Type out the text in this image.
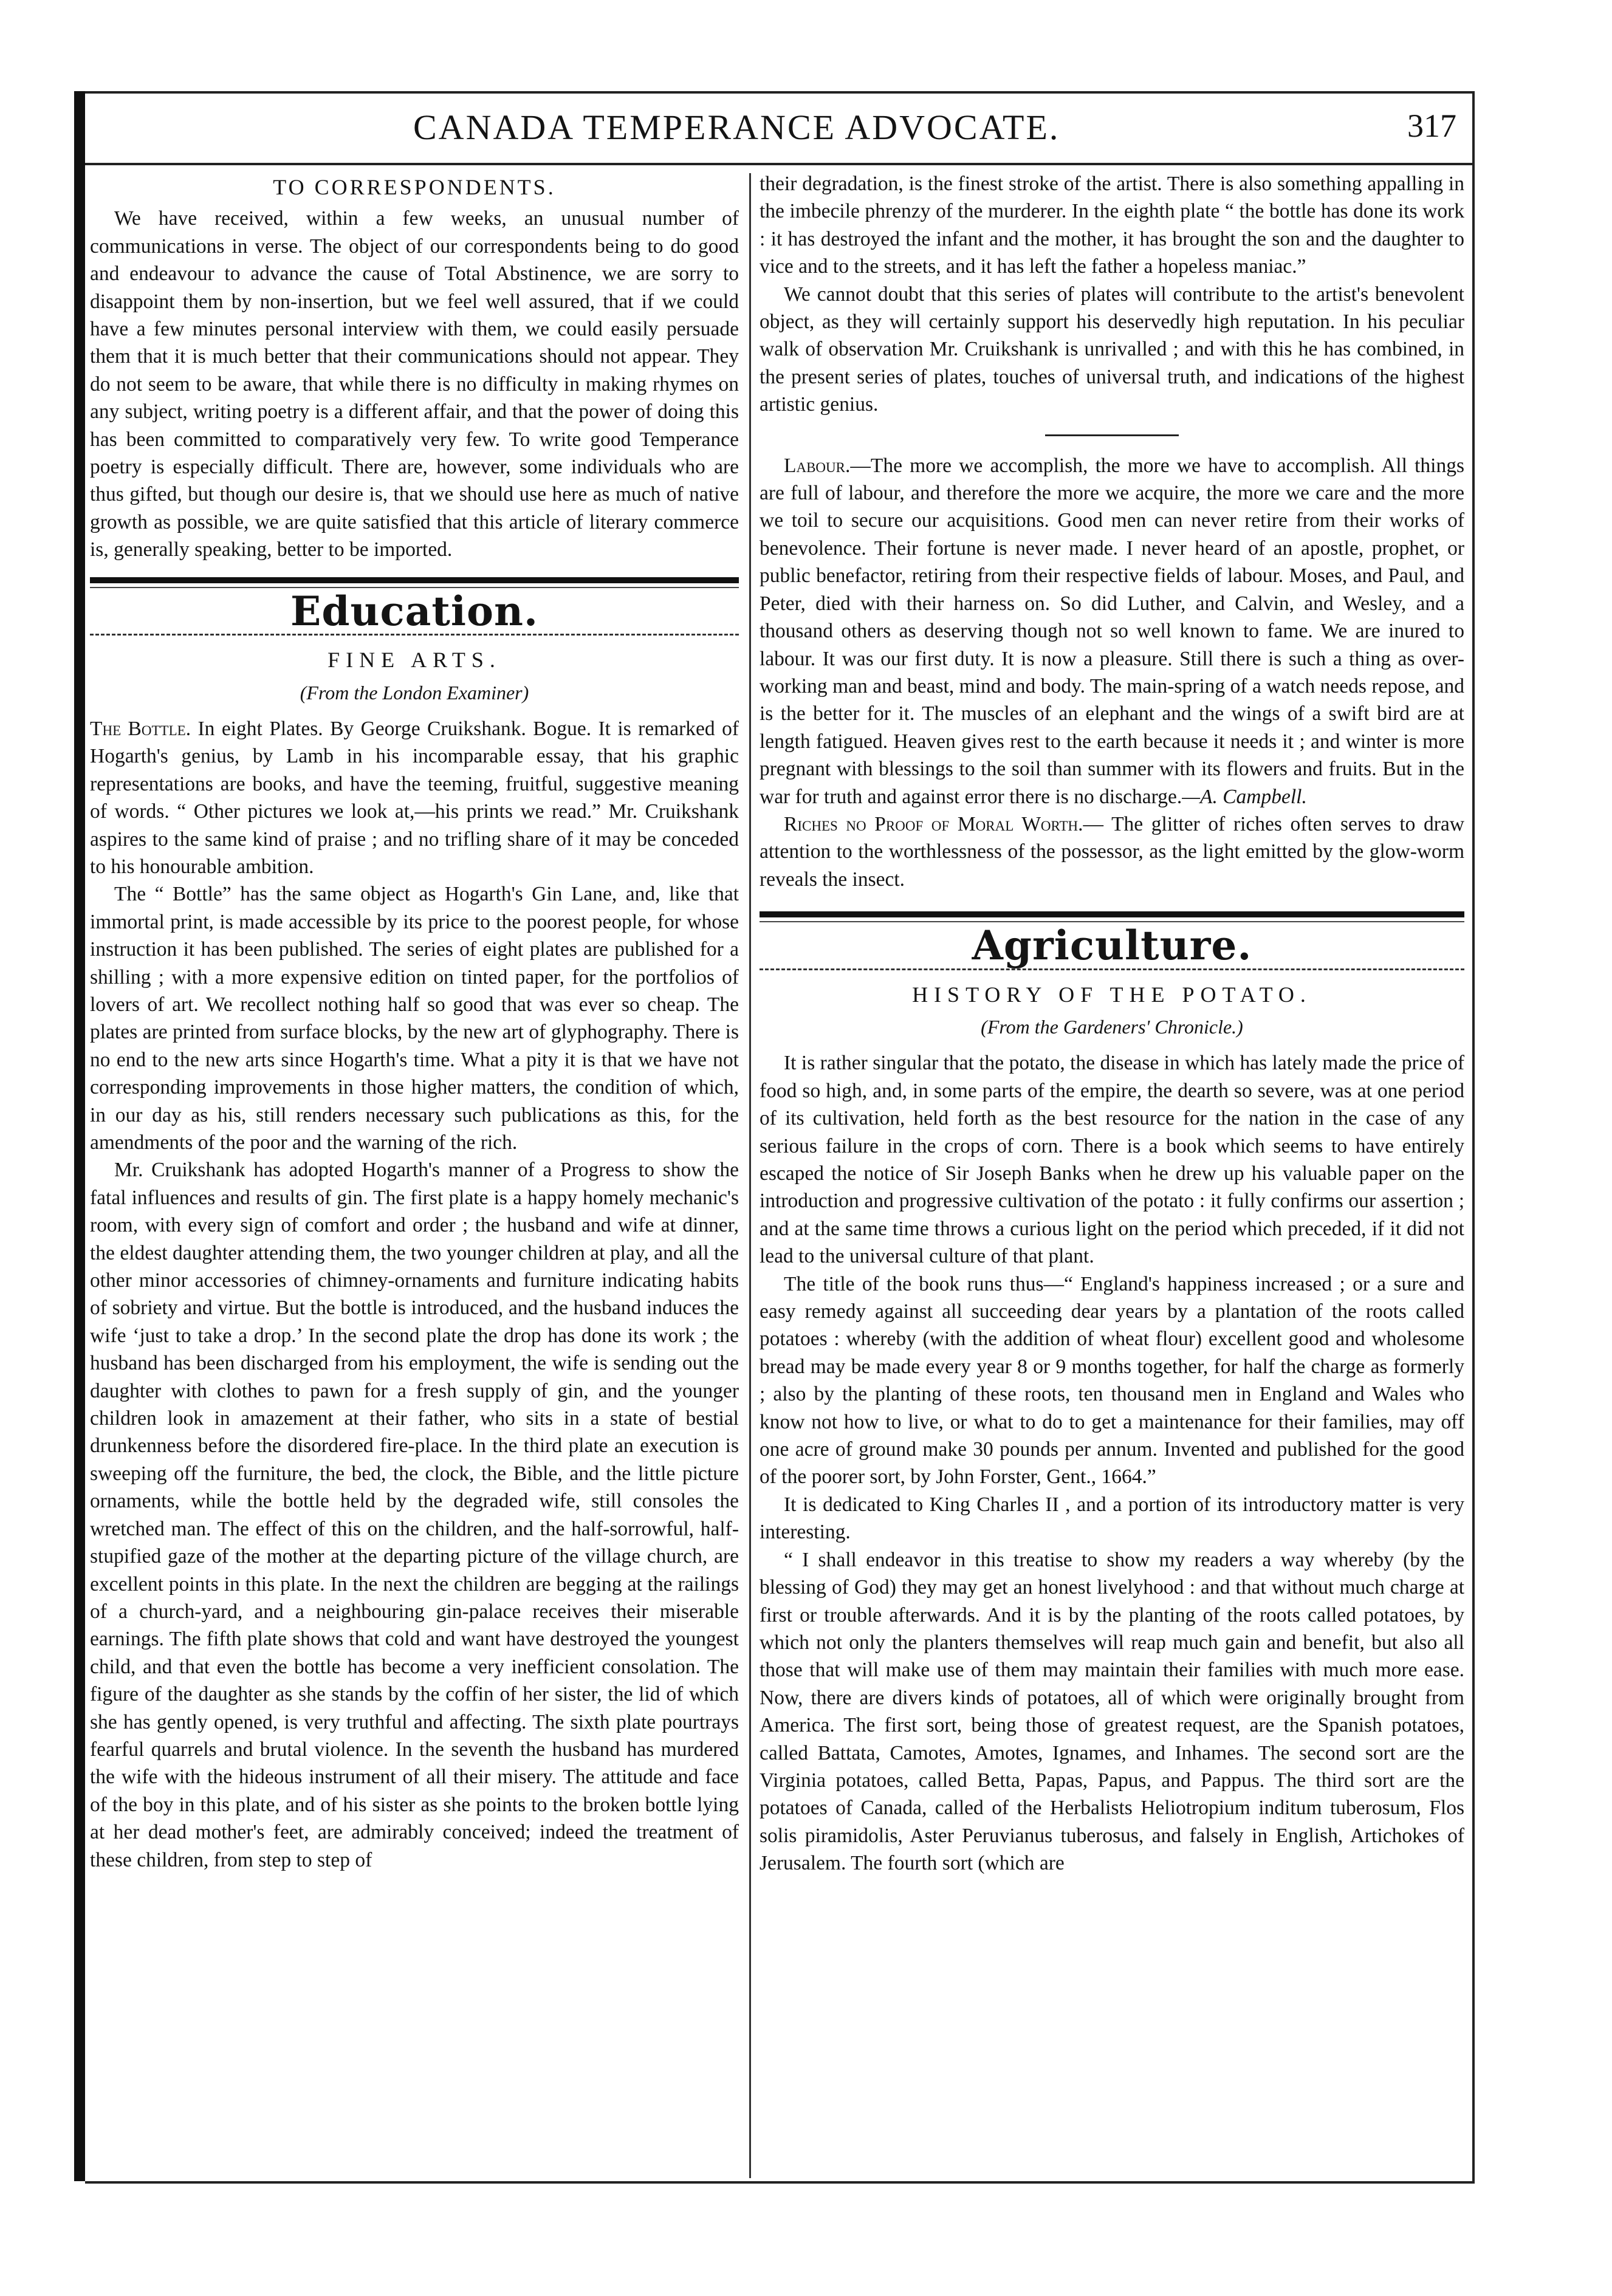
CANADA TEMPERANCE ADVOCATE.	317
TO CORRESPONDENTS.

We have received, within a few weeks, an unusual number of communications in verse. The object of our correspondents being to do good and endeavour to advance the cause of Total Abstinence, we are sorry to disappoint them by non-insertion, but we feel well assured, that if we could have a few minutes personal interview with them, we could easily persuade them that it is much better that their communications should not appear. They do not seem to be aware, that while there is no difficulty in making rhymes on any subject, writing poetry is a different affair, and that the power of doing this has been committed to comparatively very few. To write good Temperance poetry is especially difficult. There are, however, some individuals who are thus gifted, but though our desire is, that we should use here as much of native growth as possible, we are quite satisfied that this article of literary commerce is, generally speaking, better to be imported.

Education.
FINE ARTS.
(From the London Examiner)

The Bottle. In eight Plates. By George Cruikshank. Bogue. It is remarked of Hogarth's genius, by Lamb in his incomparable essay, that his graphic representations are books, and have the teeming, fruitful, suggestive meaning of words. “ Other pictures we look at,—his prints we read.” Mr. Cruikshank aspires to the same kind of praise ; and no trifling share of it may be conceded to his honourable ambition.

The “ Bottle” has the same object as Hogarth's Gin Lane, and, like that immortal print, is made accessible by its price to the poorest people, for whose instruction it has been published. The series of eight plates are published for a shilling ; with a more expensive edition on tinted paper, for the portfolios of lovers of art. We recollect nothing half so good that was ever so cheap. The plates are printed from surface blocks, by the new art of glyphography. There is no end to the new arts since Hogarth's time. What a pity it is that we have not corresponding improvements in those higher matters, the condition of which, in our day as his, still renders necessary such publications as this, for the amendments of the poor and the warning of the rich.

Mr. Cruikshank has adopted Hogarth's manner of a Progress to show the fatal influences and results of gin. The first plate is a happy homely mechanic's room, with every sign of comfort and order ; the husband and wife at dinner, the eldest daughter attending them, the two younger children at play, and all the other minor accessories of chimney-ornaments and furniture indicating habits of sobriety and virtue. But the bottle is introduced, and the husband induces the wife ‘just to take a drop.’ In the second plate the drop has done its work ; the husband has been discharged from his employment, the wife is sending out the daughter with clothes to pawn for a fresh supply of gin, and the younger children look in amazement at their father, who sits in a state of bestial drunkenness before the disordered fire-place. In the third plate an execution is sweeping off the furniture, the bed, the clock, the Bible, and the little picture ornaments, while the bottle held by the degraded wife, still consoles the wretched man. The effect of this on the children, and the half-sorrowful, half-stupified gaze of the mother at the departing picture of the village church, are excellent points in this plate. In the next the children are begging at the railings of a church-yard, and a neighbouring gin-palace receives their miserable earnings. The fifth plate shows that cold and want have destroyed the youngest child, and that even the bottle has become a very inefficient consolation. The figure of the daughter as she stands by the coffin of her sister, the lid of which she has gently opened, is very truthful and affecting. The sixth plate pourtrays fearful quarrels and brutal violence. In the seventh the husband has murdered the wife with the hideous instrument of all their misery. The attitude and face of the boy in this plate, and of his sister as she points to the broken bottle lying at her dead mother's feet, are admirably conceived; indeed the treatment of these children, from step to step of

their degradation, is the finest stroke of the artist. There is also something appalling in the imbecile phrenzy of the murderer. In the eighth plate “ the bottle has done its work : it has destroyed the infant and the mother, it has brought the son and the daughter to vice and to the streets, and it has left the father a hopeless maniac.”

We cannot doubt that this series of plates will contribute to the artist's benevolent object, as they will certainly support his deservedly high reputation. In his peculiar walk of observation Mr. Cruikshank is unrivalled ; and with this he has combined, in the present series of plates, touches of universal truth, and indications of the highest artistic genius.

Labour.—The more we accomplish, the more we have to accomplish. All things are full of labour, and therefore the more we acquire, the more we care and the more we toil to secure our acquisitions. Good men can never retire from their works of benevolence. Their fortune is never made. I never heard of an apostle, prophet, or public benefactor, retiring from their respective fields of labour. Moses, and Paul, and Peter, died with their harness on. So did Luther, and Calvin, and Wesley, and a thousand others as deserving though not so well known to fame. We are inured to labour. It was our first duty. It is now a pleasure. Still there is such a thing as over-working man and beast, mind and body. The main-spring of a watch needs repose, and is the better for it. The muscles of an elephant and the wings of a swift bird are at length fatigued. Heaven gives rest to the earth because it needs it ; and winter is more pregnant with blessings to the soil than summer with its flowers and fruits. But in the war for truth and against error there is no discharge.—A. Campbell.

Riches no Proof of Moral Worth.— The glitter of riches often serves to draw attention to the worthlessness of the possessor, as the light emitted by the glow-worm reveals the insect.

Agriculture.
HISTORY OF THE POTATO.
(From the Gardeners' Chronicle.)

It is rather singular that the potato, the disease in which has lately made the price of food so high, and, in some parts of the empire, the dearth so severe, was at one period of its cultivation, held forth as the best resource for the nation in the case of any serious failure in the crops of corn. There is a book which seems to have entirely escaped the notice of Sir Joseph Banks when he drew up his valuable paper on the introduction and progressive cultivation of the potato : it fully confirms our assertion ; and at the same time throws a curious light on the period which preceded, if it did not lead to the universal culture of that plant.

The title of the book runs thus—“ England's happiness increased ; or a sure and easy remedy against all succeeding dear years by a plantation of the roots called potatoes : whereby (with the addition of wheat flour) excellent good and wholesome bread may be made every year 8 or 9 months together, for half the charge as formerly ; also by the planting of these roots, ten thousand men in England and Wales who know not how to live, or what to do to get a maintenance for their families, may off one acre of ground make 30 pounds per annum. Invented and published for the good of the poorer sort, by John Forster, Gent., 1664.”

It is dedicated to King Charles II , and a portion of its introductory matter is very interesting.

“ I shall endeavor in this treatise to show my readers a way whereby (by the blessing of God) they may get an honest livelyhood : and that without much charge at first or trouble afterwards. And it is by the planting of the roots called potatoes, by which not only the planters themselves will reap much gain and benefit, but also all those that will make use of them may maintain their families with much more ease. Now, there are divers kinds of potatoes, all of which were originally brought from America. The first sort, being those of greatest request, are the Spanish potatoes, called Battata, Camotes, Amotes, Ignames, and Inhames. The second sort are the Virginia potatoes, called Betta, Papas, Papus, and Pappus. The third sort are the potatoes of Canada, called of the Herbalists Heliotropium inditum tuberosum, Flos solis piramidolis, Aster Peruvianus tuberosus, and falsely in English, Artichokes of Jerusalem. The fourth sort (which are
